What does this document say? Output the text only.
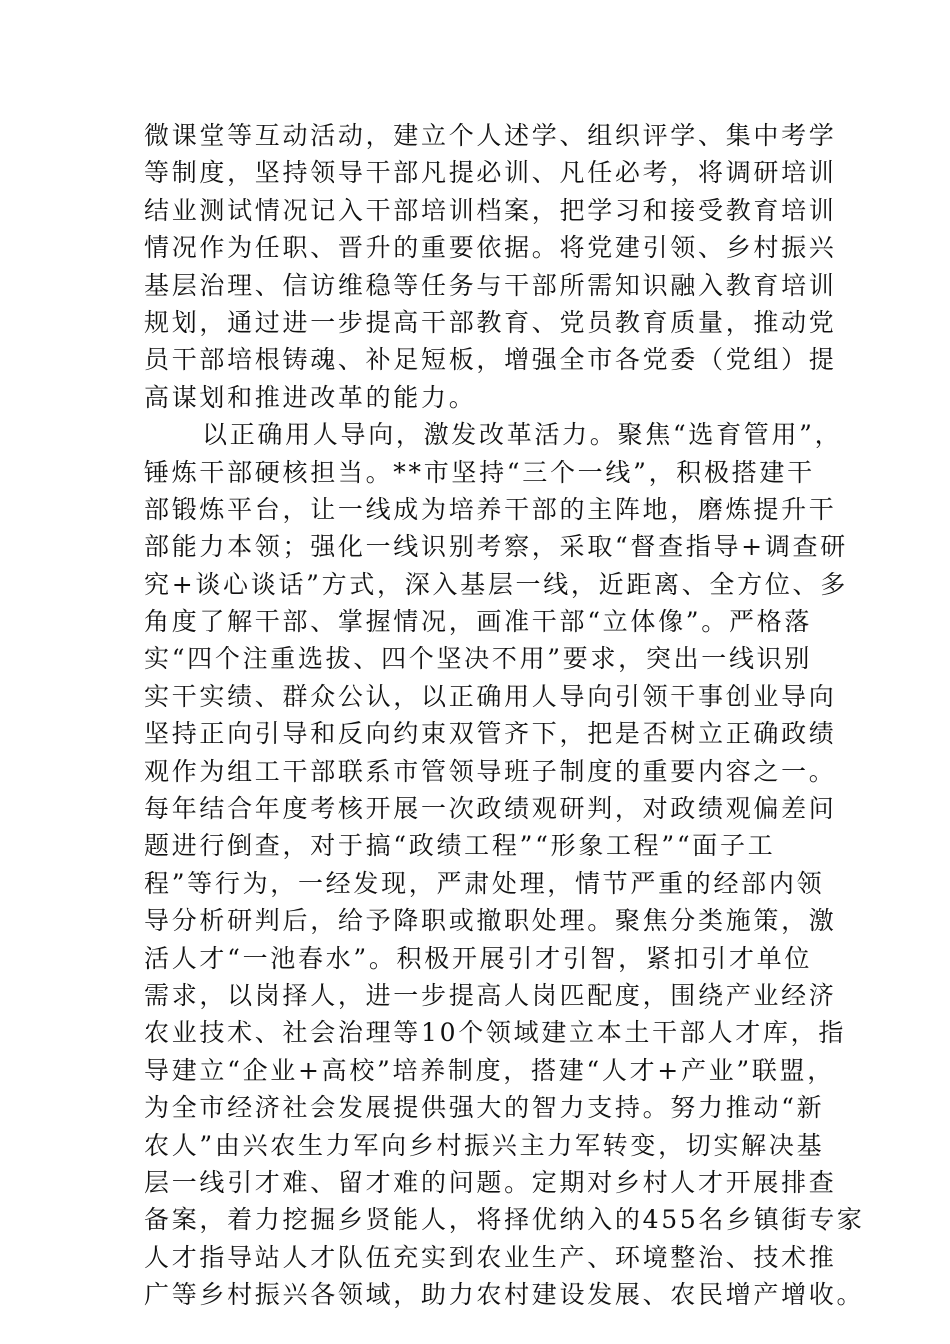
微课堂等互动活动，建立个人述学、组织评学、集中考学
等制度，坚持领导干部凡提必训、凡任必考，将调研培训
结业测试情况记入干部培训档案，把学习和接受教育培训
情况作为任职、晋升的重要依据。将党建引领、乡村振兴
基层治理、信访维稳等任务与干部所需知识融入教育培训
规划，通过进一步提高干部教育、党员教育质量，推动党
员干部培根铸魂、补足短板，增强全市各党委（党组）提
高谋划和推进改革的能力。
以正确用人导向，激发改革活力。聚焦“选育管用”，
锤炼干部硬核担当。**市坚持“三个一线”，积极搭建干
部锻炼平台，让一线成为培养干部的主阵地，磨炼提升干
部能力本领；强化一线识别考察，采取“督查指导+调查研
究+谈心谈话”方式，深入基层一线，近距离、全方位、多
角度了解干部、掌握情况，画准干部“立体像”。严格落
实“四个注重选拔、四个坚决不用”要求，突出一线识别
实干实绩、群众公认，以正确用人导向引领干事创业导向
坚持正向引导和反向约束双管齐下，把是否树立正确政绩
观作为组工干部联系市管领导班子制度的重要内容之一。
每年结合年度考核开展一次政绩观研判，对政绩观偏差问
题进行倒查，对于搞“政绩工程”“形象工程”“面子工
程”等行为，一经发现，严肃处理，情节严重的经部内领
导分析研判后，给予降职或撤职处理。聚焦分类施策，激
活人才“一池春水”。积极开展引才引智，紧扣引才单位
需求，以岗择人，进一步提高人岗匹配度，围绕产业经济
农业技术、社会治理等10个领域建立本土干部人才库，指
导建立“企业+高校”培养制度，搭建“人才+产业”联盟，
为全市经济社会发展提供强大的智力支持。努力推动“新
农人”由兴农生力军向乡村振兴主力军转变，切实解决基
层一线引才难、留才难的问题。定期对乡村人才开展排查
备案，着力挖掘乡贤能人，将择优纳入的455名乡镇街专家
人才指导站人才队伍充实到农业生产、环境整治、技术推
广等乡村振兴各领域，助力农村建设发展、农民增产增收。
